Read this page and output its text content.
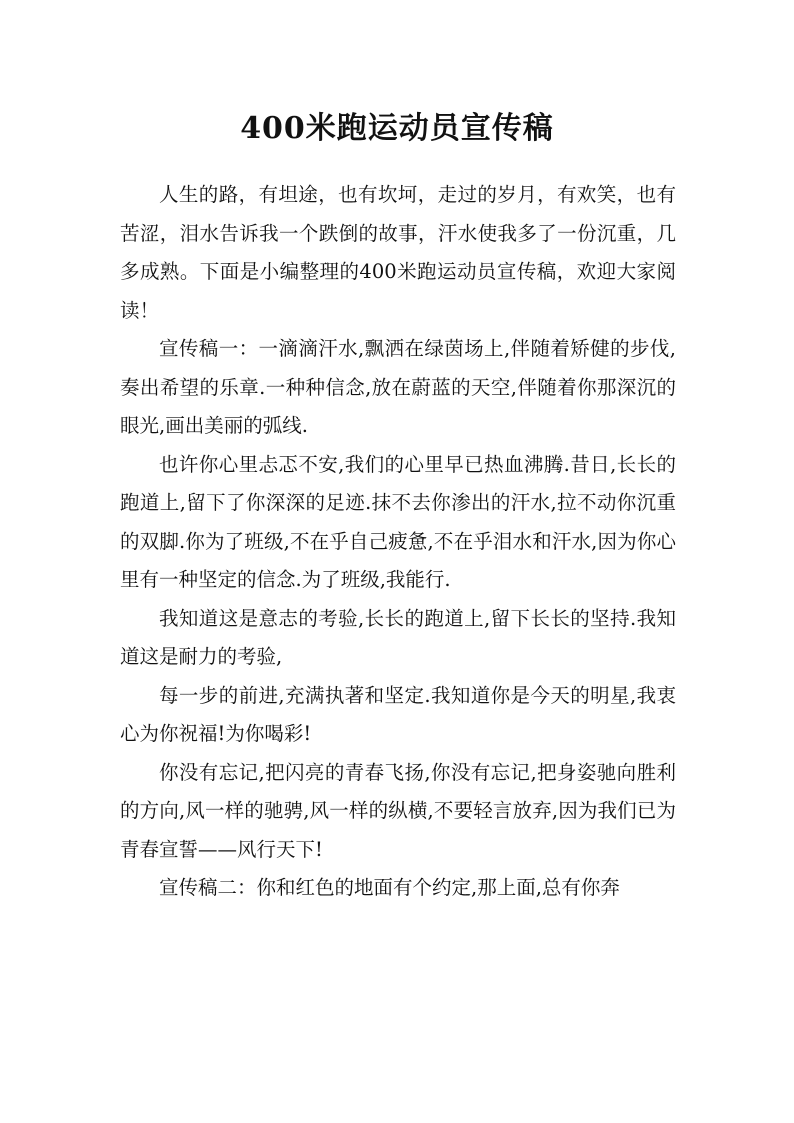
400米跑运动员宣传稿

人生的路，有坦途，也有坎坷，走过的岁月，有欢笑，也有苦涩，泪水告诉我一个跌倒的故事，汗水使我多了一份沉重，几多成熟。下面是小编整理的400米跑运动员宣传稿，欢迎大家阅读！

宣传稿一：一滴滴汗水,飘洒在绿茵场上,伴随着矫健的步伐,奏出希望的乐章.一种种信念,放在蔚蓝的天空,伴随着你那深沉的眼光,画出美丽的弧线.

也许你心里忐忑不安,我们的心里早已热血沸腾.昔日,长长的跑道上,留下了你深深的足迹.抹不去你渗出的汗水,拉不动你沉重的双脚.你为了班级,不在乎自己疲惫,不在乎泪水和汗水,因为你心里有一种坚定的信念.为了班级,我能行.

我知道这是意志的考验,长长的跑道上,留下长长的坚持.我知道这是耐力的考验,

每一步的前进,充满执著和坚定.我知道你是今天的明星,我衷心为你祝福!为你喝彩!

你没有忘记,把闪亮的青春飞扬,你没有忘记,把身姿驰向胜利的方向,风一样的驰骋,风一样的纵横,不要轻言放弃,因为我们已为青春宣誓——风行天下!

宣传稿二：你和红色的地面有个约定,那上面,总有你奔
